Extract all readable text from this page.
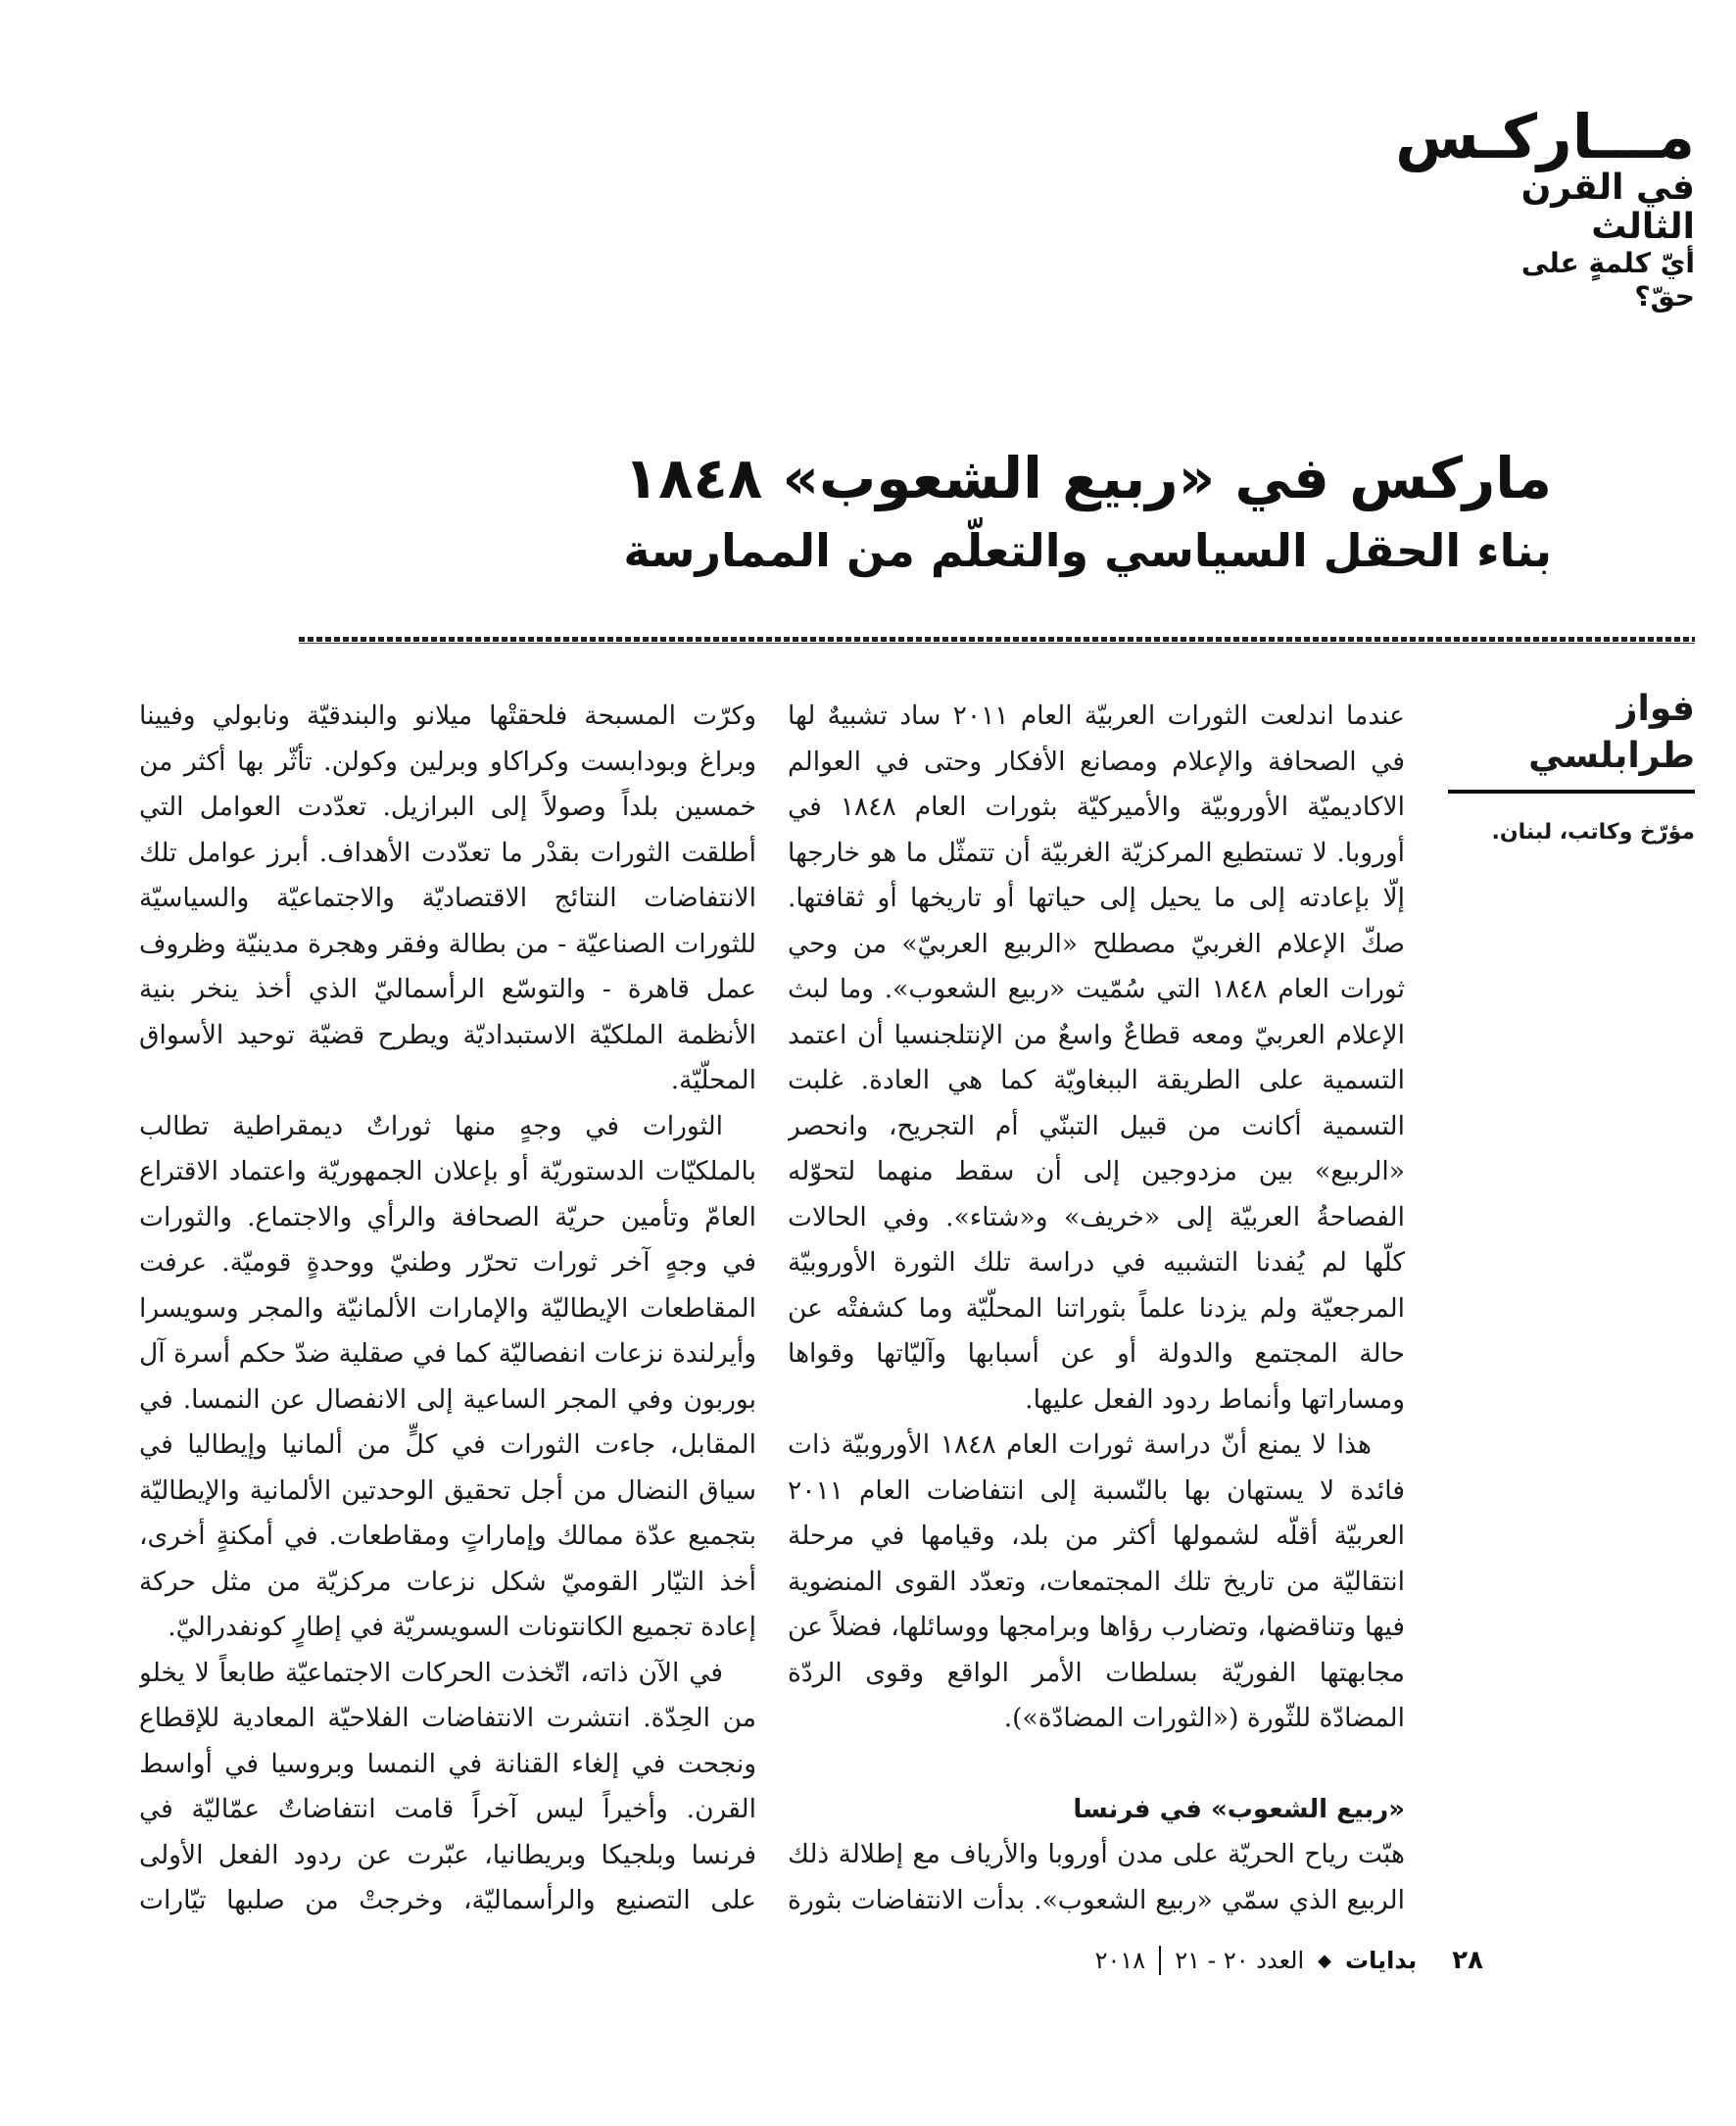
مـــاركـس
في القرن الثالث
أيّ كلمةٍ على حقّ؟
ماركس في «ربيع الشعوب» ١٨٤٨
بناء الحقل السياسي والتعلّم من الممارسة
فواز طرابلسي
مؤرّخ وكاتب، لبنان.

عندما اندلعت الثورات العربيّة العام ٢٠١١ ساد تشبيهٌ لها في الصحافة والإعلام ومصانع الأفكار وحتى في العوالم الاكاديميّة الأوروبيّة والأميركيّة بثورات العام ١٨٤٨ في أوروبا. لا تستطيع المركزيّة الغربيّة أن تتمثّل ما هو خارجها إلّا بإعادته إلى ما يحيل إلى حياتها أو تاريخها أو ثقافتها. صكّ الإعلام الغربيّ مصطلح «الربيع العربيّ» من وحي ثورات العام ١٨٤٨ التي سُمّيت «ربيع الشعوب». وما لبث الإعلام العربيّ ومعه قطاعٌ واسعٌ من الإنتلجنسيا أن اعتمد التسمية على الطريقة الببغاويّة كما هي العادة. غلبت التسمية أكانت من قبيل التبنّي أم التجريح، وانحصر «الربيع» بين مزدوجين إلى أن سقط منهما لتحوّله الفصاحةُ العربيّة إلى «خريف» و«شتاء». وفي الحالات كلّها لم يُفدنا التشبيه في دراسة تلك الثورة الأوروبيّة المرجعيّة ولم يزدنا علماً بثوراتنا المحلّيّة وما كشفتْه عن حالة المجتمع والدولة أو عن أسبابها وآليّاتها وقواها ومساراتها وأنماط ردود الفعل عليها.

هذا لا يمنع أنّ دراسة ثورات العام ١٨٤٨ الأوروبيّة ذات فائدة لا يستهان بها بالنّسبة إلى انتفاضات العام ٢٠١١ العربيّة أقلّه لشمولها أكثر من بلد، وقيامها في مرحلة انتقاليّة من تاريخ تلك المجتمعات، وتعدّد القوى المنضوية فيها وتناقضها، وتضارب رؤاها وبرامجها ووسائلها، فضلاً عن مجابهتها الفوريّة بسلطات الأمر الواقع وقوى الردّة المضادّة للثّورة («الثورات المضادّة»).

«ربيع الشعوب» في فرنسا

هبّت رياح الحريّة على مدن أوروبا والأرياف مع إطلالة ذلك الربيع الذي سمّي «ربيع الشعوب». بدأت الانتفاضات بثورة

وكرّت المسبحة فلحقتْها ميلانو والبندقيّة ونابولي وفيينا وبراغ وبودابست وكراكاو وبرلين وكولن. تأثّر بها أكثر من خمسين بلداً وصولاً إلى البرازيل. تعدّدت العوامل التي أطلقت الثورات بقدْر ما تعدّدت الأهداف. أبرز عوامل تلك الانتفاضات النتائج الاقتصاديّة والاجتماعيّة والسياسيّة للثورات الصناعيّة - من بطالة وفقر وهجرة مدينيّة وظروف عمل قاهرة - والتوسّع الرأسماليّ الذي أخذ ينخر بنية الأنظمة الملكيّة الاستبداديّة ويطرح قضيّة توحيد الأسواق المحلّيّة.

الثورات في وجهٍ منها ثوراتٌ ديمقراطية تطالب بالملكيّات الدستوريّة أو بإعلان الجمهوريّة واعتماد الاقتراع العامّ وتأمين حريّة الصحافة والرأي والاجتماع. والثورات في وجهٍ آخر ثورات تحرّر وطنيّ ووحدةٍ قوميّة. عرفت المقاطعات الإيطاليّة والإمارات الألمانيّة والمجر وسويسرا وأيرلندة نزعات انفصاليّة كما في صقلية ضدّ حكم أسرة آل بوربون وفي المجر الساعية إلى الانفصال عن النمسا. في المقابل، جاءت الثورات في كلٍّ من ألمانيا وإيطاليا في سياق النضال من أجل تحقيق الوحدتين الألمانية والإيطاليّة بتجميع عدّة ممالك وإماراتٍ ومقاطعات. في أمكنةٍ أخرى، أخذ التيّار القوميّ شكل نزعات مركزيّة من مثل حركة إعادة تجميع الكانتونات السويسريّة في إطارٍ كونفدراليّ.

في الآن ذاته، اتّخذت الحركات الاجتماعيّة طابعاً لا يخلو من الحِدّة. انتشرت الانتفاضات الفلاحيّة المعادية للإقطاع ونجحت في إلغاء القنانة في النمسا وبروسيا في أواسط القرن. وأخيراً ليس آخراً قامت انتفاضاتٌ عمّاليّة في فرنسا وبلجيكا وبريطانيا، عبّرت عن ردود الفعل الأولى على التصنيع والرأسماليّة، وخرجتْ من صلبها تيّارات

٢٨
بدايات
◆
العدد ٢٠ - ٢١
٢٠١٨
